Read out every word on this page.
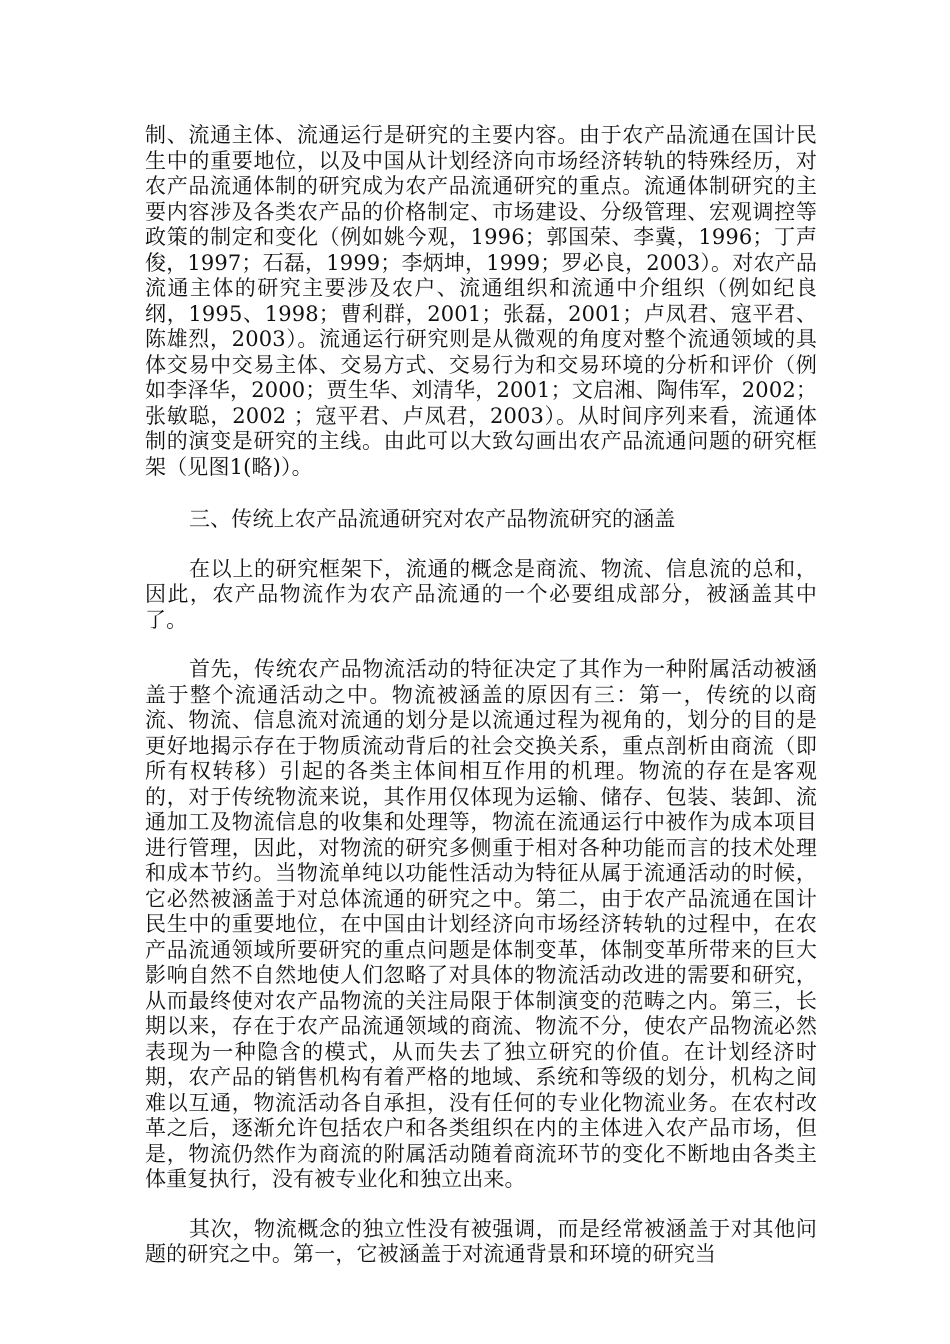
制、流通主体、流通运行是研究的主要内容。由于农产品流通在国计民生中的重要地位，以及中国从计划经济向市场经济转轨的特殊经历，对农产品流通体制的研究成为农产品流通研究的重点。流通体制研究的主要内容涉及各类农产品的价格制定、市场建设、分级管理、宏观调控等政策的制定和变化（例如姚今观，1996；郭国荣、李冀，1996；丁声俊，1997；石磊，1999；李炳坤，1999；罗必良，2003）。对农产品流通主体的研究主要涉及农户、流通组织和流通中介组织（例如纪良纲，1995、1998；曹利群，2001；张磊，2001；卢凤君、寇平君、陈雄烈，2003）。流通运行研究则是从微观的角度对整个流通领域的具体交易中交易主体、交易方式、交易行为和交易环境的分析和评价（例如李泽华，2000；贾生华、刘清华，2001；文启湘、陶伟军，2002；张敏聪，2002 ；寇平君、卢凤君，2003）。从时间序列来看，流通体制的演变是研究的主线。由此可以大致勾画出农产品流通问题的研究框架（见图1(略)）。

三、传统上农产品流通研究对农产品物流研究的涵盖

在以上的研究框架下，流通的概念是商流、物流、信息流的总和，因此，农产品物流作为农产品流通的一个必要组成部分，被涵盖其中了。

首先，传统农产品物流活动的特征决定了其作为一种附属活动被涵盖于整个流通活动之中。物流被涵盖的原因有三：第一，传统的以商流、物流、信息流对流通的划分是以流通过程为视角的，划分的目的是更好地揭示存在于物质流动背后的社会交换关系，重点剖析由商流（即所有权转移）引起的各类主体间相互作用的机理。物流的存在是客观的，对于传统物流来说，其作用仅体现为运输、储存、包装、装卸、流通加工及物流信息的收集和处理等，物流在流通运行中被作为成本项目进行管理，因此，对物流的研究多侧重于相对各种功能而言的技术处理和成本节约。当物流单纯以功能性活动为特征从属于流通活动的时候，它必然被涵盖于对总体流通的研究之中。第二，由于农产品流通在国计民生中的重要地位，在中国由计划经济向市场经济转轨的过程中，在农产品流通领域所要研究的重点问题是体制变革，体制变革所带来的巨大影响自然不自然地使人们忽略了对具体的物流活动改进的需要和研究，从而最终使对农产品物流的关注局限于体制演变的范畴之内。第三，长期以来，存在于农产品流通领域的商流、物流不分，使农产品物流必然表现为一种隐含的模式，从而失去了独立研究的价值。在计划经济时期，农产品的销售机构有着严格的地域、系统和等级的划分，机构之间难以互通，物流活动各自承担，没有任何的专业化物流业务。在农村改革之后，逐渐允许包括农户和各类组织在内的主体进入农产品市场，但是，物流仍然作为商流的附属活动随着商流环节的变化不断地由各类主体重复执行，没有被专业化和独立出来。

其次，物流概念的独立性没有被强调，而是经常被涵盖于对其他问题的研究之中。第一，它被涵盖于对流通背景和环境的研究当
